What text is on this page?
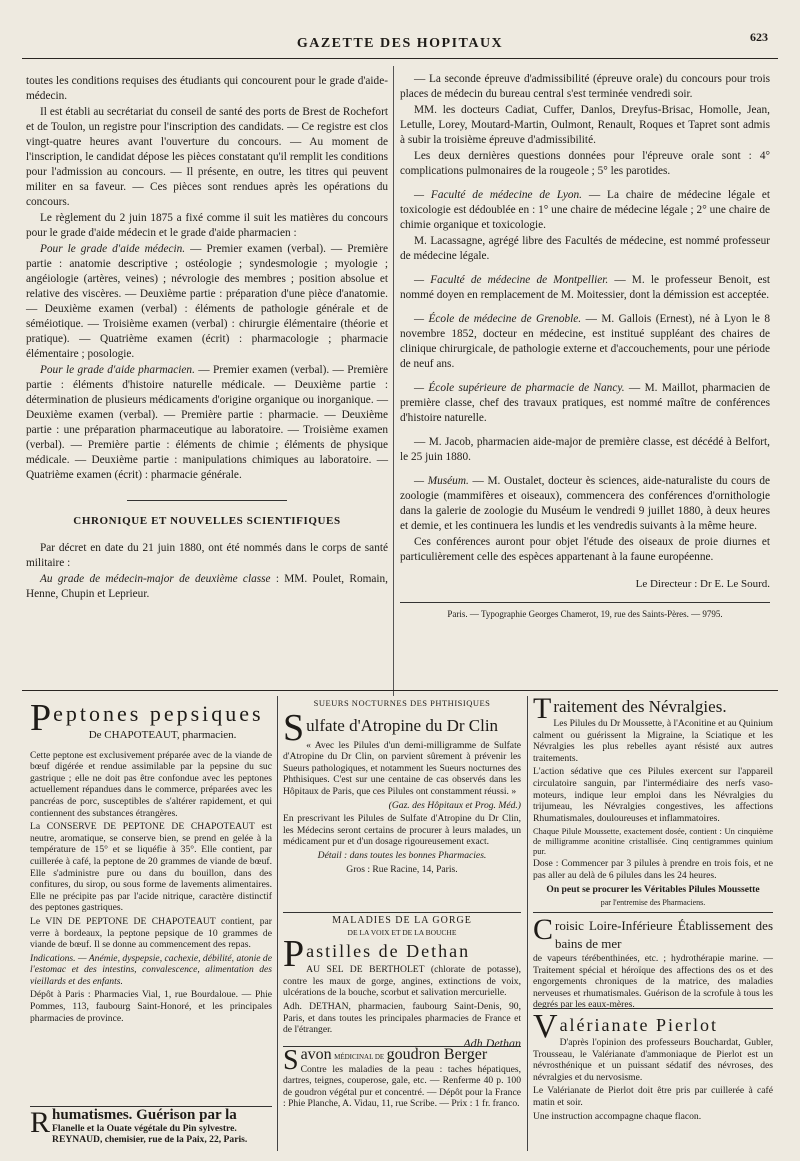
GAZETTE DES HOPITAUX	623

toutes les conditions requises des étudiants qui concourent pour le grade d'aide-médecin.

Il est établi au secrétariat du conseil de santé des ports de Brest de Rochefort et de Toulon, un registre pour l'inscription des candidats. — Ce registre est clos vingt-quatre heures avant l'ouverture du concours. — Au moment de l'inscription, le candidat dépose les pièces constatant qu'il remplit les conditions pour l'admission au concours. — Il présente, en outre, les titres qui peuvent militer en sa faveur. — Ces pièces sont rendues après les opérations du concours.

Le règlement du 2 juin 1875 a fixé comme il suit les matières du concours pour le grade d'aide médecin et le grade d'aide pharmacien :

Pour le grade d'aide médecin. — Premier examen (verbal). — Première partie : anatomie descriptive ; ostéologie ; syndesmologie ; myologie ; angéiologie (artères, veines) ; névrologie des membres ; position absolue et relative des viscères. — Deuxième partie : préparation d'une pièce d'anatomie. — Deuxième examen (verbal) : éléments de pathologie générale et de séméiotique. — Troisième examen (verbal) : chirurgie élémentaire (théorie et pratique). — Quatrième examen (écrit) : pharmacologie ; pharmacie élémentaire ; posologie.

Pour le grade d'aide pharmacien. — Premier examen (verbal). — Première partie : éléments d'histoire naturelle médicale. — Deuxième partie : détermination de plusieurs médicaments d'origine organique ou inorganique. — Deuxième examen (verbal). — Première partie : pharmacie. — Deuxième partie : une préparation pharmaceutique au laboratoire. — Troisième examen (verbal). — Première partie : éléments de chimie ; éléments de physique médicale. — Deuxième partie : manipulations chimiques au laboratoire. — Quatrième examen (écrit) : pharmacie générale.

CHRONIQUE ET NOUVELLES SCIENTIFIQUES

Par décret en date du 21 juin 1880, ont été nommés dans le corps de santé militaire :

Au grade de médecin-major de deuxième classe : MM. Poulet, Romain, Henne, Chupin et Leprieur.

— La seconde épreuve d'admissibilité (épreuve orale) du concours pour trois places de médecin du bureau central s'est terminée vendredi soir.

MM. les docteurs Cadiat, Cuffer, Danlos, Dreyfus-Brisac, Homolle, Jean, Letulle, Lorey, Moutard-Martin, Oulmont, Renault, Roques et Tapret sont admis à subir la troisième épreuve d'admissibilité.

Les deux dernières questions données pour l'épreuve orale sont : 4° complications pulmonaires de la rougeole ; 5° les parotides.

— Faculté de médecine de Lyon. — La chaire de médecine légale et toxicologie est dédoublée en : 1° une chaire de médecine légale ; 2° une chaire de chimie organique et toxicologie.

M. Lacassagne, agrégé libre des Facultés de médecine, est nommé professeur de médecine légale.

— Faculté de médecine de Montpellier. — M. le professeur Benoit, est nommé doyen en remplacement de M. Moitessier, dont la démission est acceptée.

— École de médecine de Grenoble. — M. Gallois (Ernest), né à Lyon le 8 novembre 1852, docteur en médecine, est institué suppléant des chaires de clinique chirurgicale, de pathologie externe et d'accouchements, pour une période de neuf ans.

— École supérieure de pharmacie de Nancy. — M. Maillot, pharmacien de première classe, chef des travaux pratiques, est nommé maître de conférences d'histoire naturelle.

— M. Jacob, pharmacien aide-major de première classe, est décédé à Belfort, le 25 juin 1880.

— Muséum. — M. Oustalet, docteur ès sciences, aide-naturaliste du cours de zoologie (mammifères et oiseaux), commencera des conférences d'ornithologie dans la galerie de zoologie du Muséum le vendredi 9 juillet 1880, à deux heures et demie, et les continuera les lundis et les vendredis suivants à la même heure.

Ces conférences auront pour objet l'étude des oiseaux de proie diurnes et particulièrement celle des espèces appartenant à la faune européenne.

Le Directeur : Dr E. Le Sourd.
Paris. — Typographie Georges Chamerot, 19, rue des Saints-Pères. — 9795.
Peptones pepsiques

De CHAPOTEAUT, pharmacien.

Cette peptone est exclusivement préparée avec de la viande de bœuf digérée et rendue assimilable par la pepsine du suc gastrique ; elle ne doit pas être confondue avec les peptones actuellement répandues dans le commerce, préparées avec les pancréas de porc, susceptibles de s'altérer rapidement, et qui contiennent des substances étrangères.

La CONSERVE DE PEPTONE DE CHAPOTEAUT est neutre, aromatique, se conserve bien, se prend en gelée à la température de 15° et se liquéfie à 35°. Elle contient, par cuillerée à café, la peptone de 20 grammes de viande de bœuf. Elle s'administre pure ou dans du bouillon, dans des confitures, du sirop, ou sous forme de lavements alimentaires. Elle ne précipite pas par l'acide nitrique, caractère distinctif des peptones gastriques.

Le VIN DE PEPTONE DE CHAPOTEAUT contient, par verre à bordeaux, la peptone pepsique de 10 grammes de viande de bœuf. Il se donne au commencement des repas.

Indications. — Anémie, dyspepsie, cachexie, débilité, atonie de l'estomac et des intestins, convalescence, alimentation des vieillards et des enfants.

Dépôt à Paris : Pharmacies Vial, 1, rue Bourdaloue. — Phie Pommes, 113, faubourg Saint-Honoré, et les principales pharmacies de province.

Rhumatismes. Guérison par la

Flanelle et la Ouate végétale du Pin sylvestre.

REYNAUD, chemisier, rue de la Paix, 22, Paris.

SUEURS NOCTURNES DES PHTHISIQUES

Sulfate d'Atropine du Dr Clin

« Avec les Pilules d'un demi-milligramme de Sulfate d'Atropine du Dr Clin, on parvient sûrement à prévenir les Sueurs pathologiques, et notamment les Sueurs nocturnes des Phthisiques. C'est sur une centaine de cas observés dans les Hôpitaux de Paris, que ces Pilules ont constamment réussi. »

(Gaz. des Hôpitaux et Prog. Méd.)

En prescrivant les Pilules de Sulfate d'Atropine du Dr Clin, les Médecins seront certains de procurer à leurs malades, un médicament pur et d'un dosage rigoureusement exact.

Détail : dans toutes les bonnes Pharmacies.

Gros : Rue Racine, 14, Paris.

MALADIES DE LA GORGE

DE LA VOIX ET DE LA BOUCHE

Pastilles de Dethan

AU SEL DE BERTHOLET (chlorate de potasse), contre les maux de gorge, angines, extinctions de voix, ulcérations de la bouche, scorbut et salivation mercurielle.

Adh. DETHAN, pharmacien, faubourg Saint-Denis, 90, Paris, et dans toutes les principales pharmacies de France et de l'étranger.

Adh Dethan

Savon MÉDICINAL DE goudron Berger

Contre les maladies de la peau : taches hépatiques, dartres, teignes, couperose, gale, etc. — Renferme 40 p. 100 de goudron végétal pur et concentré. — Dépôt pour la France : Phie Planche, A. Vidau, 11, rue Scribe. — Prix : 1 fr. franco.

Traitement des Névralgies.

Les Pilules du Dr Moussette, à l'Aconitine et au Quinium calment ou guérissent la Migraine, la Sciatique et les Névralgies les plus rebelles ayant résisté aux autres traitements.

L'action sédative que ces Pilules exercent sur l'appareil circulatoire sanguin, par l'intermédiaire des nerfs vaso-moteurs, indique leur emploi dans les Névralgies du trijumeau, les Névralgies congestives, les affections Rhumatismales, douloureuses et inflammatoires.

Chaque Pilule Moussette, exactement dosée, contient : Un cinquième de milligramme aconitine cristallisée. Cinq centigrammes quinium pur.

Dose : Commencer par 3 pilules à prendre en trois fois, et ne pas aller au delà de 6 pilules dans les 24 heures.

On peut se procurer les Véritables Pilules Moussette

par l'entremise des Pharmaciens.

Croisic Loire-Inférieure Établissement des bains de mer

de vapeurs térébenthinées, etc. ; hydrothérapie marine. — Traitement spécial et héroïque des affections des os et des engorgements chroniques de la matrice, des maladies nerveuses et rhumatismales. Guérison de la scrofule à tous les degrés par les eaux-mères.

Valérianate Pierlot

D'après l'opinion des professeurs Bouchardat, Gubler, Trousseau, le Valérianate d'ammoniaque de Pierlot est un névrosthénique et un puissant sédatif des névroses, des névralgies et du nervosisme.

Le Valérianate de Pierlot doit être pris par cuillerée à café matin et soir.

Une instruction accompagne chaque flacon.
